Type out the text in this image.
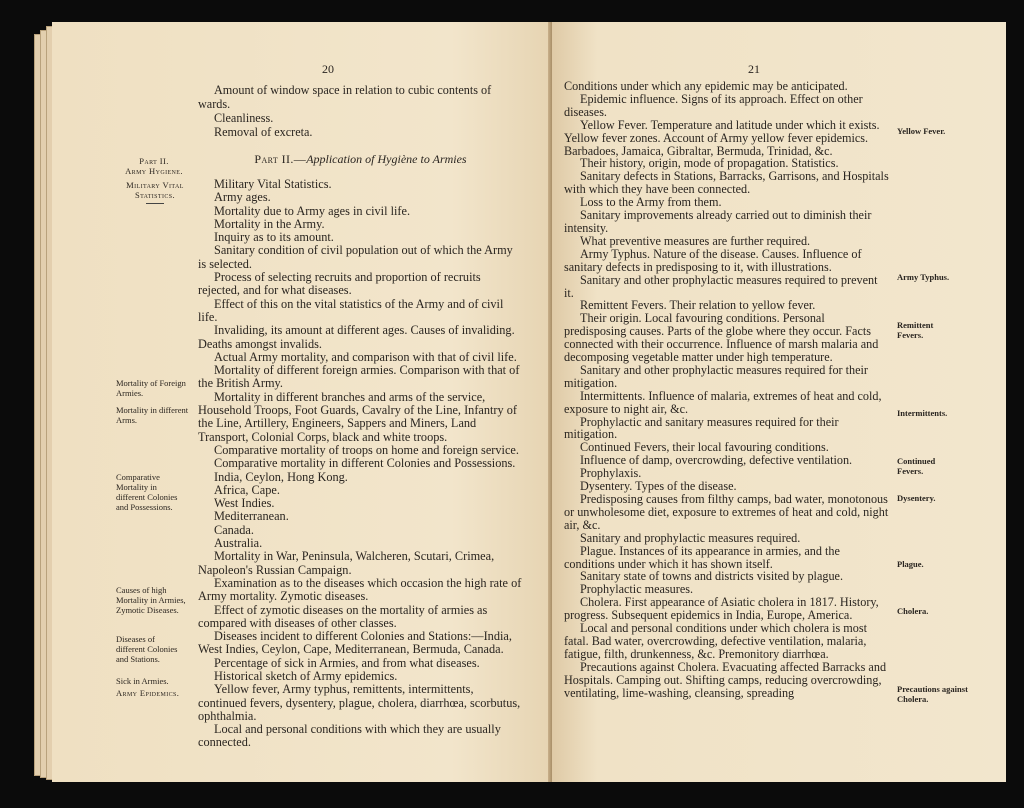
20

Amount of window space in relation to cubic contents of wards.

Cleanliness.

Removal of excreta.

Part II.—Application of Hygiène to Armies
Part II.
Army Hygiene.
Military Vital Statistics.
Mortality of Foreign Armies.
Mortality in different Arms.
Comparative Mortality in different Colonies and Possessions.
Causes of high Mortality in Armies, Zymotic Diseases.
Diseases of different Colonies and Stations.
Sick in Armies.
Army Epidemics.

Military Vital Statistics.

Army ages.

Mortality due to Army ages in civil life.

Mortality in the Army.

Inquiry as to its amount.

Sanitary condition of civil population out of which the Army is selected.

Process of selecting recruits and proportion of recruits rejected, and for what diseases.

Effect of this on the vital statistics of the Army and of civil life.

Invaliding, its amount at different ages. Causes of invaliding. Deaths amongst invalids.

Actual Army mortality, and comparison with that of civil life.

Mortality of different foreign armies. Comparison with that of the British Army.

Mortality in different branches and arms of the service, Household Troops, Foot Guards, Cavalry of the Line, Infantry of the Line, Artillery, Engineers, Sappers and Miners, Land Transport, Colonial Corps, black and white troops.

Comparative mortality of troops on home and foreign service.

Comparative mortality in different Colonies and Possessions.

India, Ceylon, Hong Kong.

Africa, Cape.

West Indies.

Mediterranean.

Canada.

Australia.

Mortality in War, Peninsula, Walcheren, Scutari, Crimea, Napoleon's Russian Campaign.

Examination as to the diseases which occasion the high rate of Army mortality. Zymotic diseases.

Effect of zymotic diseases on the mortality of armies as compared with diseases of other classes.

Diseases incident to different Colonies and Stations:—India, West Indies, Ceylon, Cape, Mediterranean, Bermuda, Canada.

Percentage of sick in Armies, and from what diseases.

Historical sketch of Army epidemics.

Yellow fever, Army typhus, remittents, intermittents, continued fevers, dysentery, plague, cholera, diarrhœa, scorbutus, ophthalmia.

Local and personal conditions with which they are usually connected.

21

Conditions under which any epidemic may be anticipated.

Epidemic influence. Signs of its approach. Effect on other diseases.

Yellow Fever. Temperature and latitude under which it exists. Yellow fever zones. Account of Army yellow fever epidemics. Barbadoes, Jamaica, Gibraltar, Bermuda, Trinidad, &c.

Their history, origin, mode of propagation. Statistics.

Sanitary defects in Stations, Barracks, Garrisons, and Hospitals with which they have been connected.

Loss to the Army from them.

Sanitary improvements already carried out to diminish their intensity.

What preventive measures are further required.

Army Typhus. Nature of the disease. Causes. Influence of sanitary defects in predisposing to it, with illustrations.

Sanitary and other prophylactic measures required to prevent it.

Remittent Fevers. Their relation to yellow fever.

Their origin. Local favouring conditions. Personal predisposing causes. Parts of the globe where they occur. Facts connected with their occurrence. Influence of marsh malaria and decomposing vegetable matter under high temperature.

Sanitary and other prophylactic measures required for their mitigation.

Intermittents. Influence of malaria, extremes of heat and cold, exposure to night air, &c.

Prophylactic and sanitary measures required for their mitigation.

Continued Fevers, their local favouring conditions.

Influence of damp, overcrowding, defective ventilation.

Prophylaxis.

Dysentery. Types of the disease.

Predisposing causes from filthy camps, bad water, monotonous or unwholesome diet, exposure to extremes of heat and cold, night air, &c.

Sanitary and prophylactic measures required.

Plague. Instances of its appearance in armies, and the conditions under which it has shown itself.

Sanitary state of towns and districts visited by plague.

Prophylactic measures.

Cholera. First appearance of Asiatic cholera in 1817. History, progress. Subsequent epidemics in India, Europe, America.

Local and personal conditions under which cholera is most fatal. Bad water, overcrowding, defective ventilation, malaria, fatigue, filth, drunkenness, &c. Premonitory diarrhœa.

Precautions against Cholera. Evacuating affected Barracks and Hospitals. Camping out. Shifting camps, reducing overcrowding, ventilating, lime-washing, cleansing, spreading

Yellow Fever.
Army Typhus.
Remittent Fevers.
Intermittents.
Continued Fevers.
Dysentery.
Plague.
Cholera.
Precautions against Cholera.
